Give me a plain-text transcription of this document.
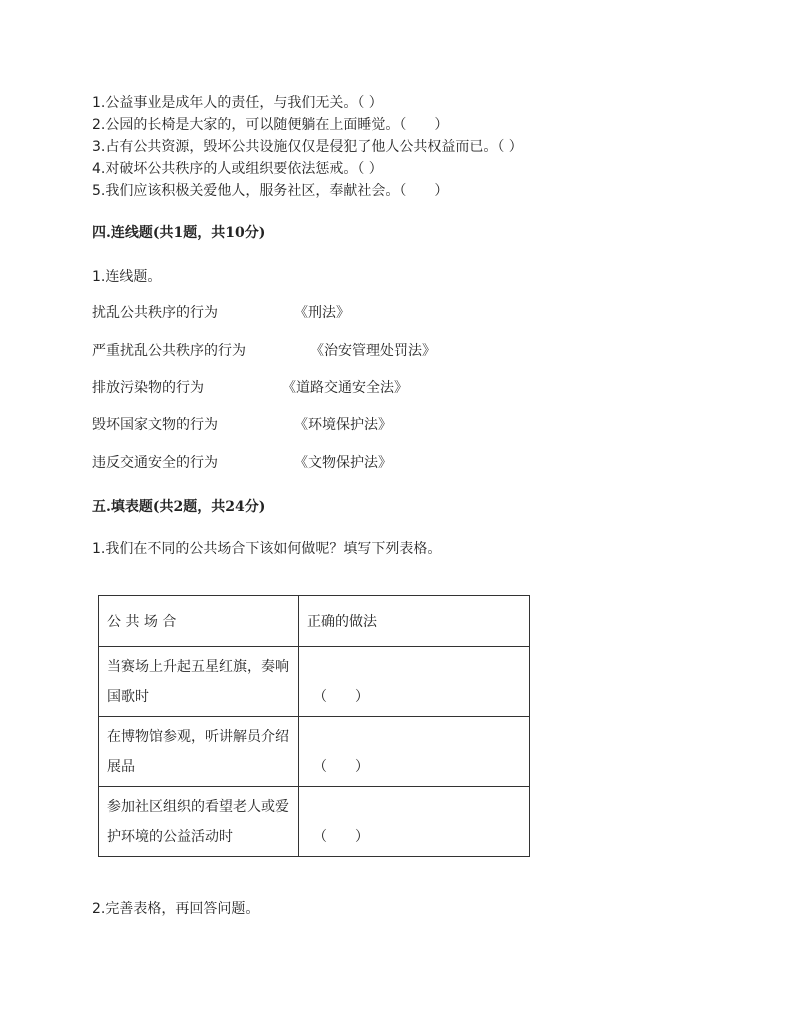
1.公益事业是成年人的责任，与我们无关。（ ）
2.公园的长椅是大家的，可以随便躺在上面睡觉。（　　）
3.占有公共资源，毁坏公共设施仅仅是侵犯了他人公共权益而已。（ ）
4.对破坏公共秩序的人或组织要依法惩戒。（ ）
5.我们应该积极关爱他人，服务社区，奉献社会。（　　）
四.连线题(共1题，共10分)
1.连线题。
扰乱公共秩序的行为	《刑法》
严重扰乱公共秩序的行为	《治安管理处罚法》
排放污染物的行为	《道路交通安全法》
毁坏国家文物的行为	《环境保护法》
违反交通安全的行为	《文物保护法》
五.填表题(共2题，共24分)
1.我们在不同的公共场合下该如何做呢？填写下列表格。
公 共 场 合	正确的做法

当赛场上升起五星红旗，奏响国歌时	（　　）

在博物馆参观，听讲解员介绍展品	（　　）

参加社区组织的看望老人或爱护环境的公益活动时	（　　）
2.完善表格，再回答问题。
